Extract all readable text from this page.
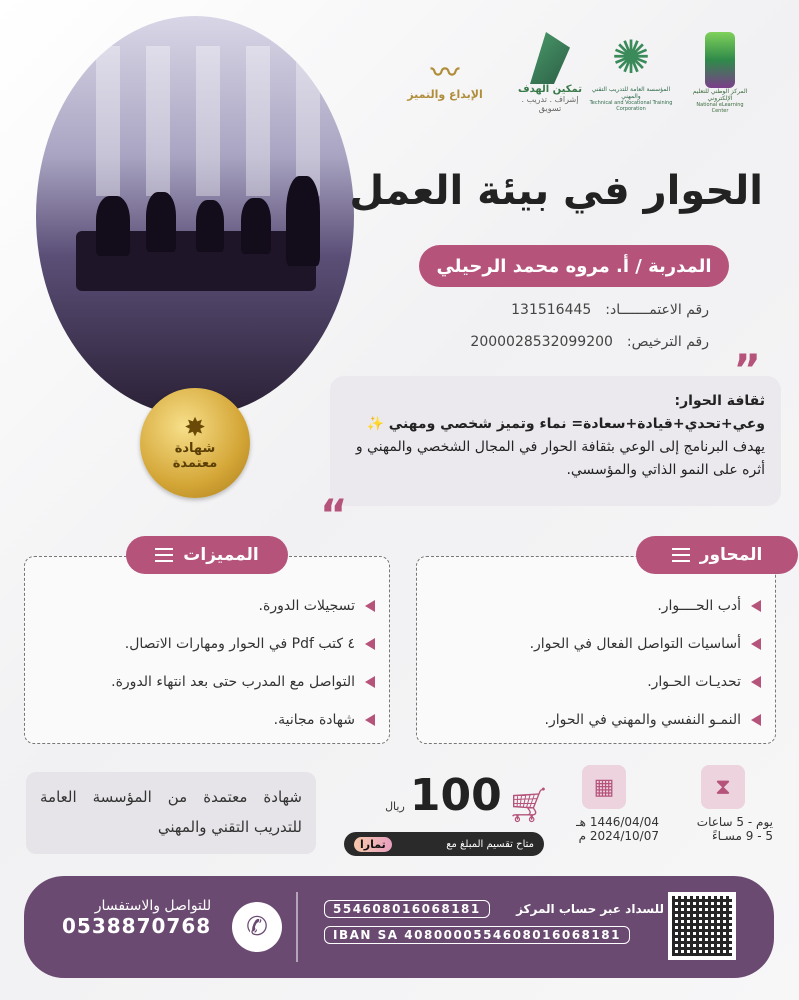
✸
شهادة
معتمدة
〰︎
الإبداع والتميز	تمكين الهدف
إشراف . تدريب . تسويق
✺
المؤسسة العامة للتدريب التقني والمهني
Technical and Vocational Training Corporation
المركز الوطني للتعليم الإلكتروني
National eLearning Center
الحوار في بيئة العمل
المدربة / أ. مروه محمد الرحيلي
رقم الاعتمـــــــاد:
131516445
رقم الترخيص:
2000028532099200
”
ثقافة الحوار:
وعي+تحدي+قيادة+سعادة= نماء وتميز شخصي ومهني ✨
يهدف البرنامج إلى الوعي بثقافة الحوار في المجال الشخصي والمهني و أثره على النمو الذاتي والمؤسسي.
“
أدب الحــــوار.
أساسيات التواصل الفعال في الحوار.
تحديـات الحـوار.
النمـو النفسي والمهني في الحوار.
المحاور
تسجيلات الدورة.
٤ كتب Pdf في الحوار ومهارات الاتصال.
التواصل مع المدرب حتى بعد انتهاء الدورة.
شهادة مجانية.
المميزات
⧗
يوم - 5 ساعات
5 - 9 مسـاءً
▦
1446/04/04 هـ
2024/10/07 م
🛒︎ 100 ريال
متاح تقسيم المبلغ مع
تمارا
شهادة معتمدة من المؤسسة العامة للتدريب التقني والمهني
للتواصل والاستفسار
0538870768	✆
للسداد عبر حساب المركز
554608016068181
IBAN SA 4080000554608016068181
